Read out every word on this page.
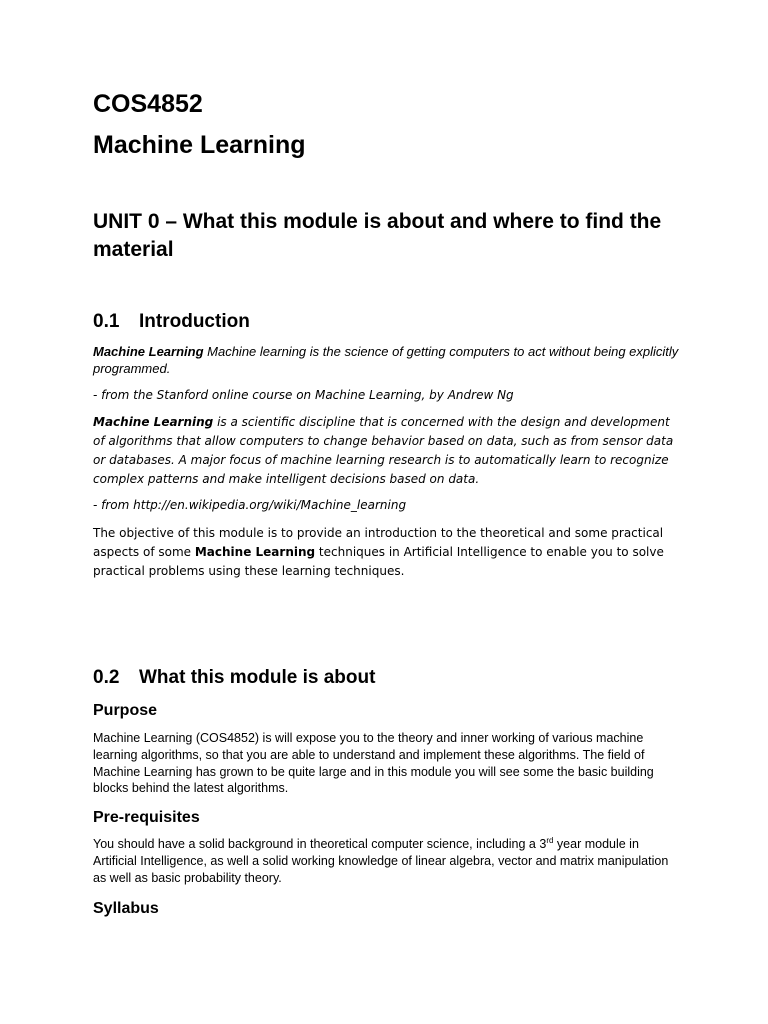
COS4852
Machine Learning
UNIT 0 – What this module is about and where to find the material
0.1 Introduction

Machine Learning Machine learning is the science of getting computers to act without being explicitly programmed.

- from the Stanford online course on Machine Learning, by Andrew Ng

Machine Learning is a scientific discipline that is concerned with the design and development of algorithms that allow computers to change behavior based on data, such as from sensor data or databases. A major focus of machine learning research is to automatically learn to recognize complex patterns and make intelligent decisions based on data.

- from http://en.wikipedia.org/wiki/Machine_learning

The objective of this module is to provide an introduction to the theoretical and some practical aspects of some Machine Learning techniques in Artificial Intelligence to enable you to solve practical problems using these learning techniques.

0.2 What this module is about
Purpose

Machine Learning (COS4852) is will expose you to the theory and inner working of various machine learning algorithms, so that you are able to understand and implement these algorithms. The field of Machine Learning has grown to be quite large and in this module you will see some the basic building blocks behind the latest algorithms.

Pre-requisites

You should have a solid background in theoretical computer science, including a 3rd year module in Artificial Intelligence, as well a solid working knowledge of linear algebra, vector and matrix manipulation as well as basic probability theory.

Syllabus
